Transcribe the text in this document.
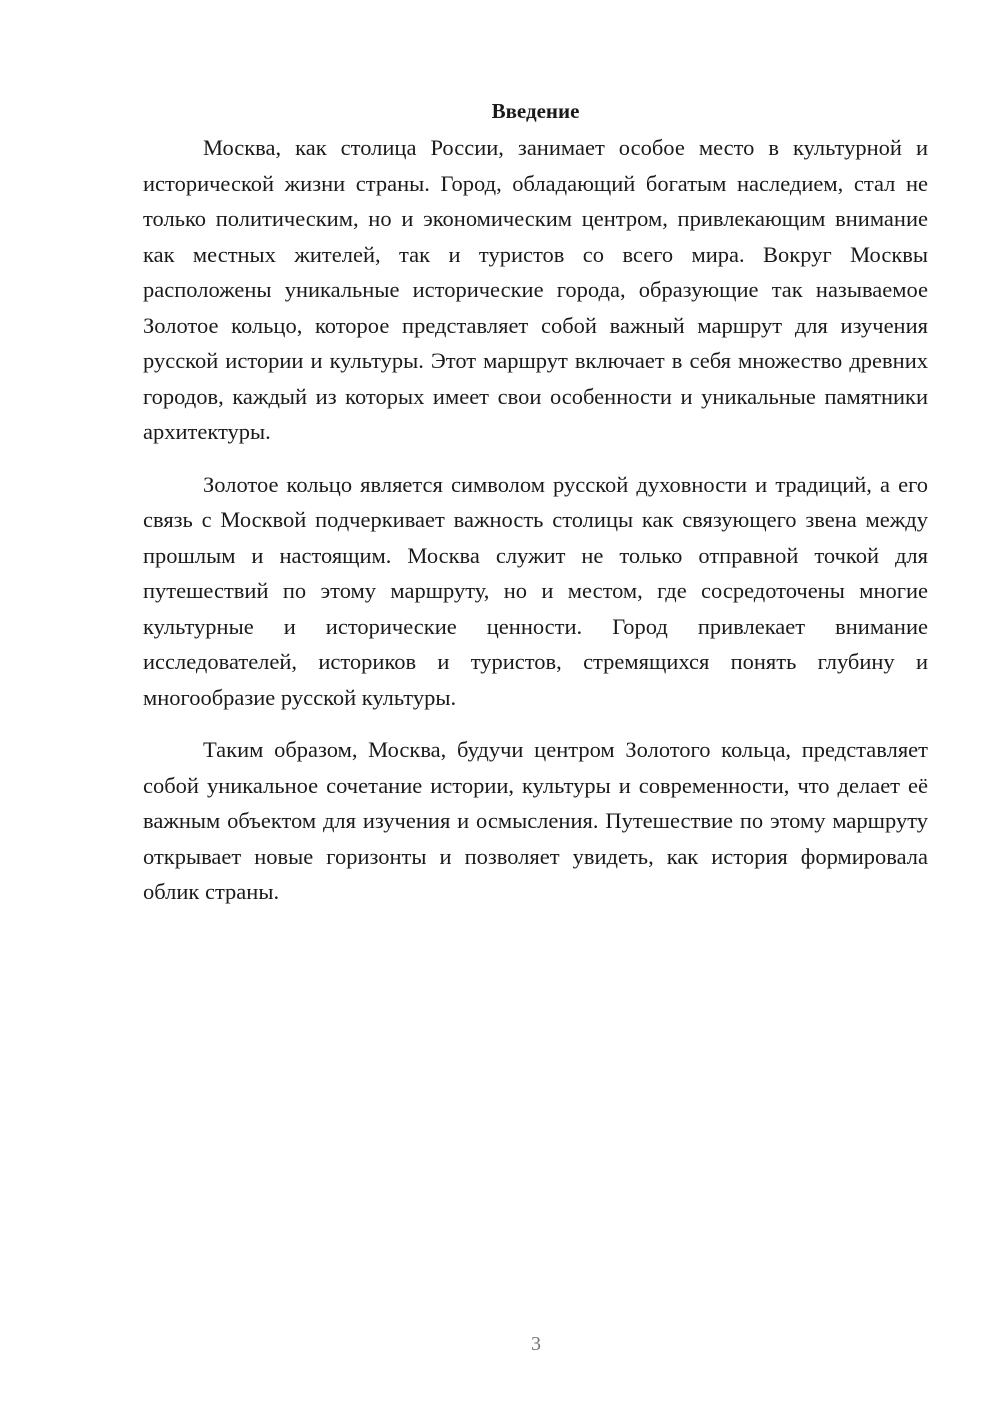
Введение

Москва, как столица России, занимает особое место в культурной и исторической жизни страны. Город, обладающий богатым наследием, стал не только политическим, но и экономическим центром, привлекающим внимание как местных жителей, так и туристов со всего мира. Вокруг Москвы расположены уникальные исторические города, образующие так называемое Золотое кольцо, которое представляет собой важный маршрут для изучения русской истории и культуры. Этот маршрут включает в себя множество древних городов, каждый из которых имеет свои особенности и уникальные памятники архитектуры.

Золотое кольцо является символом русской духовности и традиций, а его связь с Москвой подчеркивает важность столицы как связующего звена между прошлым и настоящим. Москва служит не только отправной точкой для путешествий по этому маршруту, но и местом, где сосредоточены многие культурные и исторические ценности. Город привлекает внимание исследователей, историков и туристов, стремящихся понять глубину и многообразие русской культуры.

Таким образом, Москва, будучи центром Золотого кольца, представляет собой уникальное сочетание истории, культуры и современности, что делает её важным объектом для изучения и осмысления. Путешествие по этому маршруту открывает новые горизонты и позволяет увидеть, как история формировала облик страны.

3
